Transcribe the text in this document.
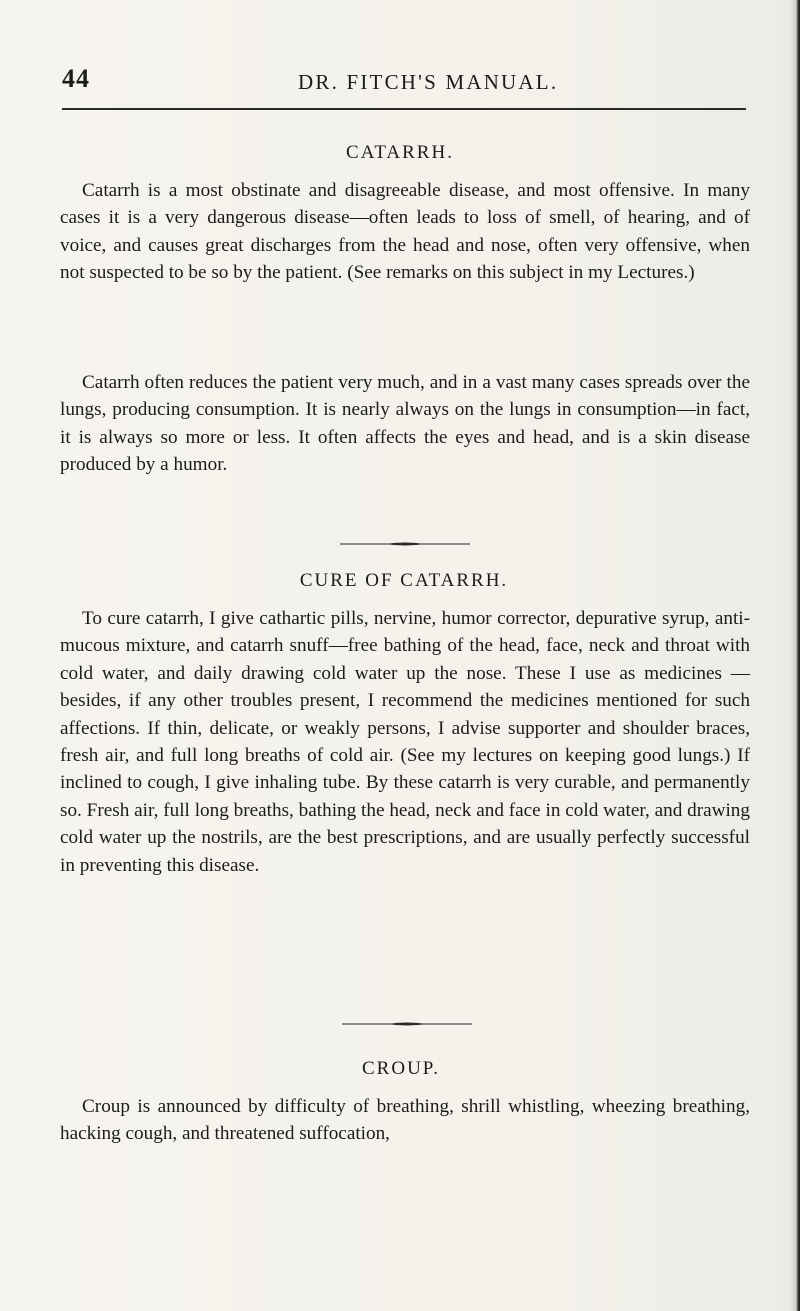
44	DR. FITCH'S MANUAL.
CATARRH.

Catarrh is a most obstinate and disagreeable disease, and most offensive. In many cases it is a very dangerous disease—often leads to loss of smell, of hearing, and of voice, and causes great discharges from the head and nose, often very offensive, when not suspected to be so by the patient. (See remarks on this subject in my Lectures.)

Catarrh often reduces the patient very much, and in a vast many cases spreads over the lungs, producing consumption. It is nearly always on the lungs in consumption—in fact, it is always so more or less. It often affects the eyes and head, and is a skin disease produced by a humor.

CURE OF CATARRH.

To cure catarrh, I give cathartic pills, nervine, humor corrector, depurative syrup, anti-mucous mixture, and catarrh snuff—free bathing of the head, face, neck and throat with cold water, and daily drawing cold water up the nose. These I use as medicines —besides, if any other troubles present, I recommend the medicines mentioned for such affections. If thin, delicate, or weakly persons, I advise supporter and shoulder braces, fresh air, and full long breaths of cold air. (See my lectures on keeping good lungs.) If inclined to cough, I give inhaling tube. By these catarrh is very curable, and permanently so. Fresh air, full long breaths, bathing the head, neck and face in cold water, and drawing cold water up the nostrils, are the best prescriptions, and are usually perfectly successful in preventing this disease.

CROUP.

Croup is announced by difficulty of breathing, shrill whistling, wheezing breathing, hacking cough, and threatened suffocation,
